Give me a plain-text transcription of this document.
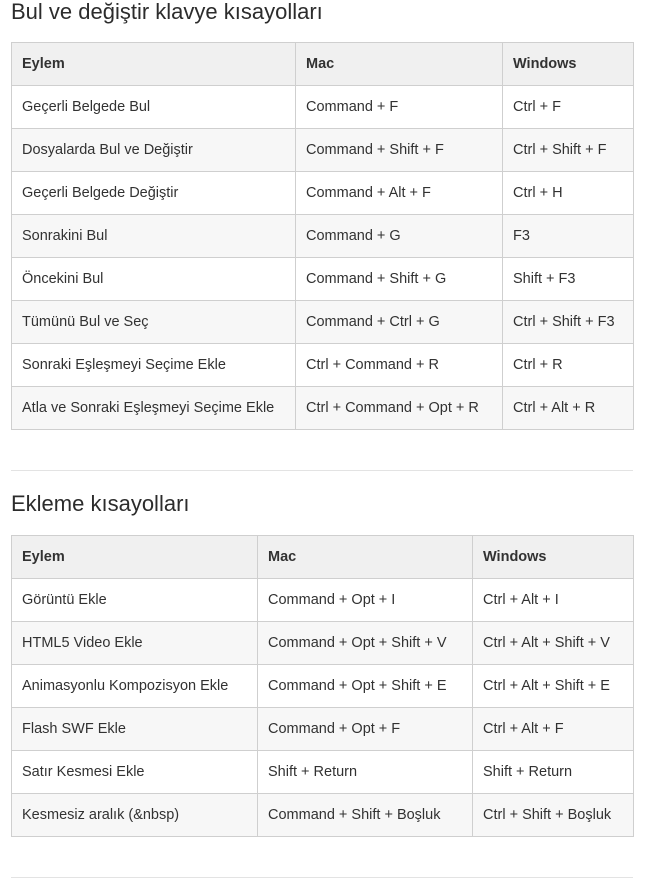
Bul ve değiştir klavye kısayolları
Eylem	Mac	Windows
Geçerli Belgede Bul	Command + F	Ctrl + F
Dosyalarda Bul ve Değiştir	Command + Shift + F	Ctrl + Shift + F
Geçerli Belgede Değiştir	Command + Alt + F	Ctrl + H
Sonrakini Bul	Command + G	F3
Öncekini Bul	Command + Shift + G	Shift + F3
Tümünü Bul ve Seç	Command + Ctrl + G	Ctrl + Shift + F3
Sonraki Eşleşmeyi Seçime Ekle	Ctrl + Command + R	Ctrl + R
Atla ve Sonraki Eşleşmeyi Seçime Ekle	Ctrl + Command + Opt + R	Ctrl + Alt + R
Ekleme kısayolları
Eylem	Mac	Windows
Görüntü Ekle	Command + Opt + I	Ctrl + Alt + I
HTML5 Video Ekle	Command + Opt + Shift + V	Ctrl + Alt + Shift + V
Animasyonlu Kompozisyon Ekle	Command + Opt + Shift + E	Ctrl + Alt + Shift + E
Flash SWF Ekle	Command + Opt + F	Ctrl + Alt + F
Satır Kesmesi Ekle	Shift + Return	Shift + Return
Kesmesiz aralık (&nbsp)	Command + Shift + Boşluk	Ctrl + Shift + Boşluk
